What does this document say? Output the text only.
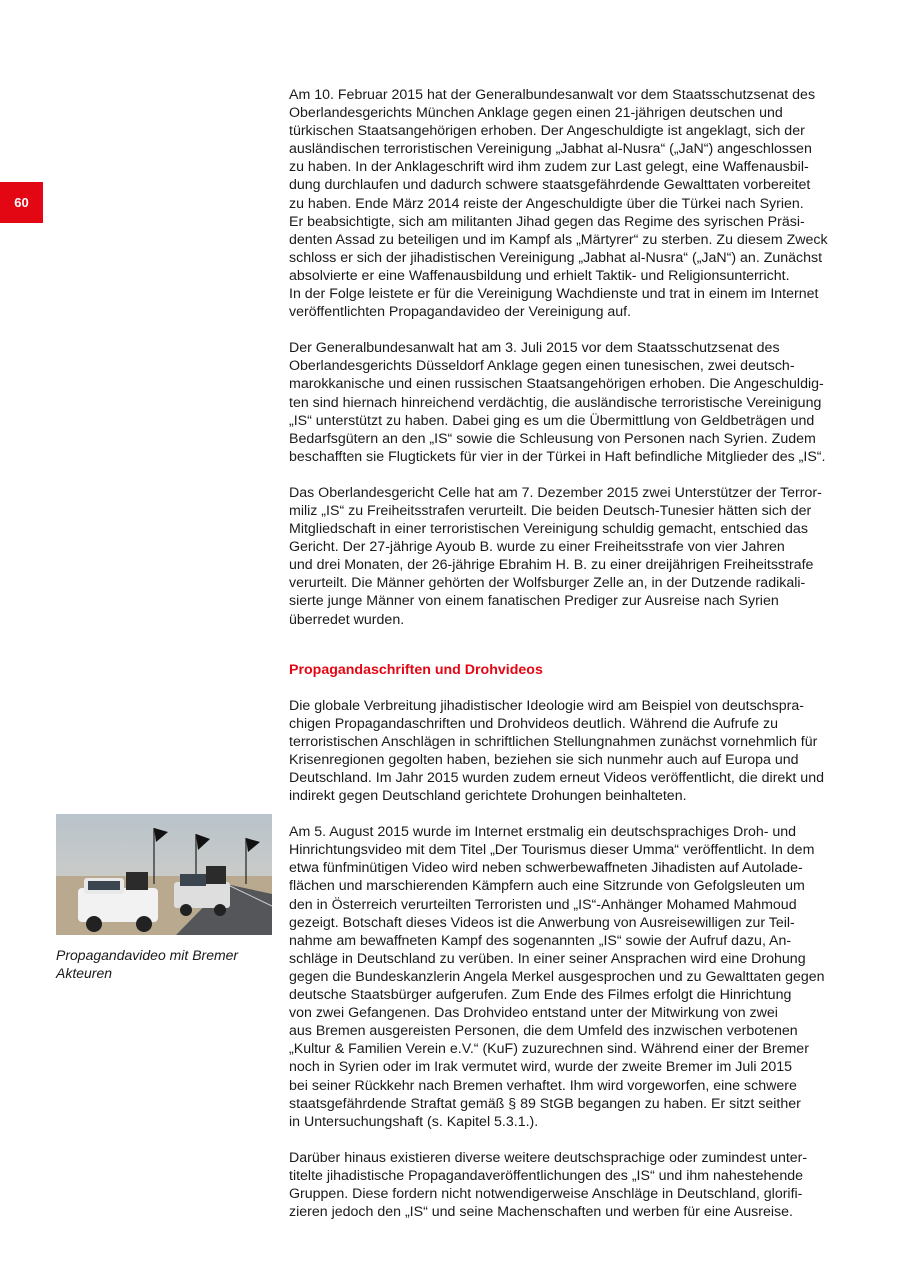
60

Am 10. Februar 2015 hat der Generalbundesanwalt vor dem Staatsschutzsenat des
Oberlandesgerichts München Anklage gegen einen 21-jährigen deutschen und
türkischen Staatsangehörigen erhoben. Der Angeschuldigte ist angeklagt, sich der
ausländischen terroristischen Vereinigung „Jabhat al-Nusra“ („JaN“) angeschlossen
zu haben. In der Anklageschrift wird ihm zudem zur Last gelegt, eine Waffenausbil-
dung durchlaufen und dadurch schwere staatsgefährdende Gewalttaten vorbereitet
zu haben. Ende März 2014 reiste der Angeschuldigte über die Türkei nach Syrien.
Er beabsichtigte, sich am militanten Jihad gegen das Regime des syrischen Präsi-
denten Assad zu beteiligen und im Kampf als „Märtyrer“ zu sterben. Zu diesem Zweck
schloss er sich der jihadistischen Vereinigung „Jabhat al-Nusra“ („JaN“) an. Zunächst
absolvierte er eine Waffenausbildung und erhielt Taktik- und Religionsunterricht.
In der Folge leistete er für die Vereinigung Wachdienste und trat in einem im Internet
veröffentlichten Propagandavideo der Vereinigung auf.

Der Generalbundesanwalt hat am 3. Juli 2015 vor dem Staatsschutzsenat des
Oberlandesgerichts Düsseldorf Anklage gegen einen tunesischen, zwei deutsch-
marokkanische und einen russischen Staatsangehörigen erhoben. Die Angeschuldig-
ten sind hiernach hinreichend verdächtig, die ausländische terroristische Vereinigung
„IS“ unterstützt zu haben. Dabei ging es um die Übermittlung von Geldbeträgen und
Bedarfsgütern an den „IS“ sowie die Schleusung von Personen nach Syrien. Zudem
beschafften sie Flugtickets für vier in der Türkei in Haft befindliche Mitglieder des „IS“.

Das Oberlandesgericht Celle hat am 7. Dezember 2015 zwei Unterstützer der Terror-
miliz „IS“ zu Freiheitsstrafen verurteilt. Die beiden Deutsch-Tunesier hätten sich der
Mitgliedschaft in einer terroristischen Vereinigung schuldig gemacht, entschied das
Gericht. Der 27-jährige Ayoub B. wurde zu einer Freiheitsstrafe von vier Jahren
und drei Monaten, der 26-jährige Ebrahim H. B. zu einer dreijährigen Freiheitsstrafe
verurteilt. Die Männer gehörten der Wolfsburger Zelle an, in der Dutzende radikali-
sierte junge Männer von einem fanatischen Prediger zur Ausreise nach Syrien
überredet wurden.

Propagandaschriften und Drohvideos

Die globale Verbreitung jihadistischer Ideologie wird am Beispiel von deutschspra-
chigen Propagandaschriften und Drohvideos deutlich. Während die Aufrufe zu
terroristischen Anschlägen in schriftlichen Stellungnahmen zunächst vornehmlich für
Krisenregionen gegolten haben, beziehen sie sich nunmehr auch auf Europa und
Deutschland. Im Jahr 2015 wurden zudem erneut Videos veröffentlicht, die direkt und
indirekt gegen Deutschland gerichtete Drohungen beinhalteten.

Am 5. August 2015 wurde im Internet erstmalig ein deutschsprachiges Droh- und
Hinrichtungsvideo mit dem Titel „Der Tourismus dieser Umma“ veröffentlicht. In dem
etwa fünfminütigen Video wird neben schwerbewaffneten Jihadisten auf Autolade-
flächen und marschierenden Kämpfern auch eine Sitzrunde von Gefolgsleuten um
den in Österreich verurteilten Terroristen und „IS“-Anhänger Mohamed Mahmoud
gezeigt. Botschaft dieses Videos ist die Anwerbung von Ausreisewilligen zur Teil-
nahme am bewaffneten Kampf des sogenannten „IS“ sowie der Aufruf dazu, An-
schläge in Deutschland zu verüben. In einer seiner Ansprachen wird eine Drohung
gegen die Bundeskanzlerin Angela Merkel ausgesprochen und zu Gewalttaten gegen
deutsche Staatsbürger aufgerufen. Zum Ende des Filmes erfolgt die Hinrichtung
von zwei Gefangenen. Das Drohvideo entstand unter der Mitwirkung von zwei
aus Bremen ausgereisten Personen, die dem Umfeld des inzwischen verbotenen
„Kultur & Familien Verein e.V.“ (KuF) zuzurechnen sind. Während einer der Bremer
noch in Syrien oder im Irak vermutet wird, wurde der zweite Bremer im Juli 2015
bei seiner Rückkehr nach Bremen verhaftet. Ihm wird vorgeworfen, eine schwere
staatsgefährdende Straftat gemäß § 89 StGB begangen zu haben. Er sitzt seither
in Untersuchungshaft (s. Kapitel 5.3.1.).

Darüber hinaus existieren diverse weitere deutschsprachige oder zumindest unter-
titelte jihadistische Propagandaveröffentlichungen des „IS“ und ihm nahestehende
Gruppen. Diese fordern nicht notwendigerweise Anschläge in Deutschland, glorifi-
zieren jedoch den „IS“ und seine Machenschaften und werben für eine Ausreise.

Propagandavideo mit Bremer
Akteuren
